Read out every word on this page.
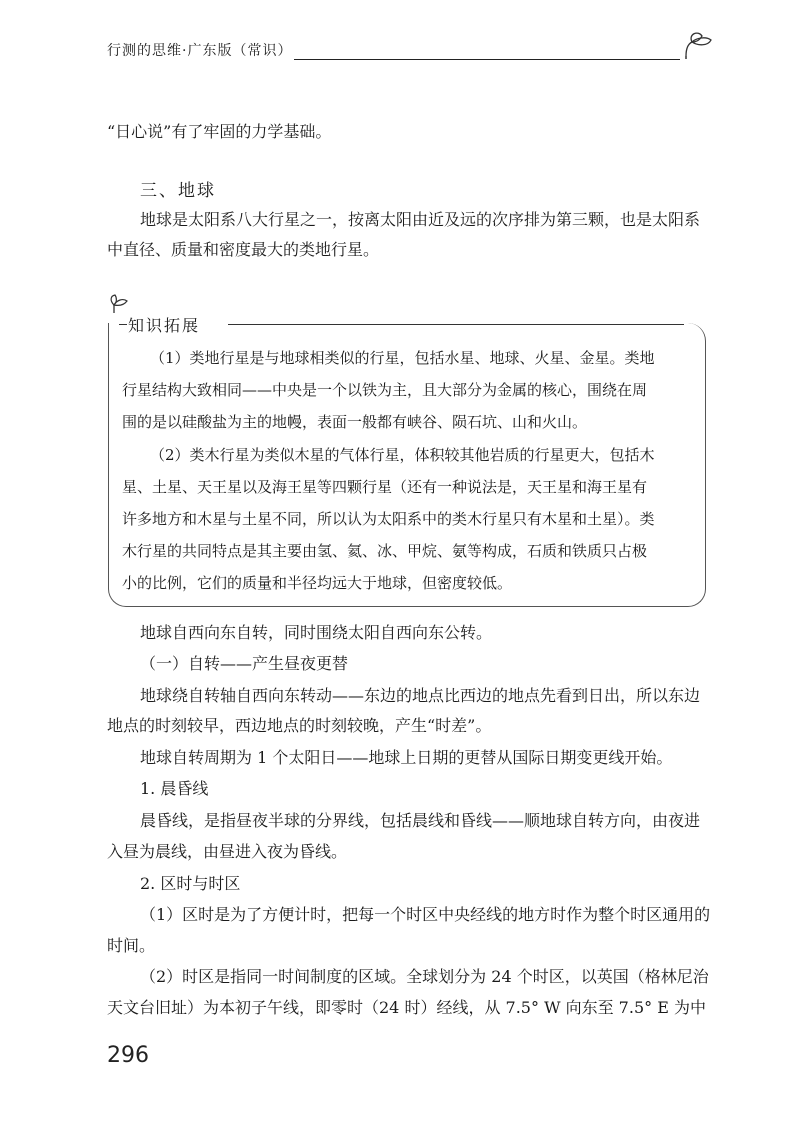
行测的思维·广东版（常识）
“日心说”有了牢固的力学基础。
三、地球
地球是太阳系八大行星之一，按离太阳由近及远的次序排为第三颗，也是太阳系
中直径、质量和密度最大的类地行星。
知识拓展
（1）类地行星是与地球相类似的行星，包括水星、地球、火星、金星。类地
行星结构大致相同——中央是一个以铁为主，且大部分为金属的核心，围绕在周
围的是以硅酸盐为主的地幔，表面一般都有峡谷、陨石坑、山和火山。
（2）类木行星为类似木星的气体行星，体积较其他岩质的行星更大，包括木
星、土星、天王星以及海王星等四颗行星（还有一种说法是，天王星和海王星有
许多地方和木星与土星不同，所以认为太阳系中的类木行星只有木星和土星）。类
木行星的共同特点是其主要由氢、氦、冰、甲烷、氨等构成，石质和铁质只占极
小的比例，它们的质量和半径均远大于地球，但密度较低。
地球自西向东自转，同时围绕太阳自西向东公转。
（一）自转——产生昼夜更替
地球绕自转轴自西向东转动——东边的地点比西边的地点先看到日出，所以东边
地点的时刻较早，西边地点的时刻较晚，产生“时差”。
地球自转周期为 1 个太阳日——地球上日期的更替从国际日期变更线开始。
1. 晨昏线
晨昏线，是指昼夜半球的分界线，包括晨线和昏线——顺地球自转方向，由夜进
入昼为晨线，由昼进入夜为昏线。
2. 区时与时区
（1）区时是为了方便计时，把每一个时区中央经线的地方时作为整个时区通用的
时间。
（2）时区是指同一时间制度的区域。全球划分为 24 个时区，以英国（格林尼治
天文台旧址）为本初子午线，即零时（24 时）经线，从 7.5° W 向东至 7.5° E 为中
296
